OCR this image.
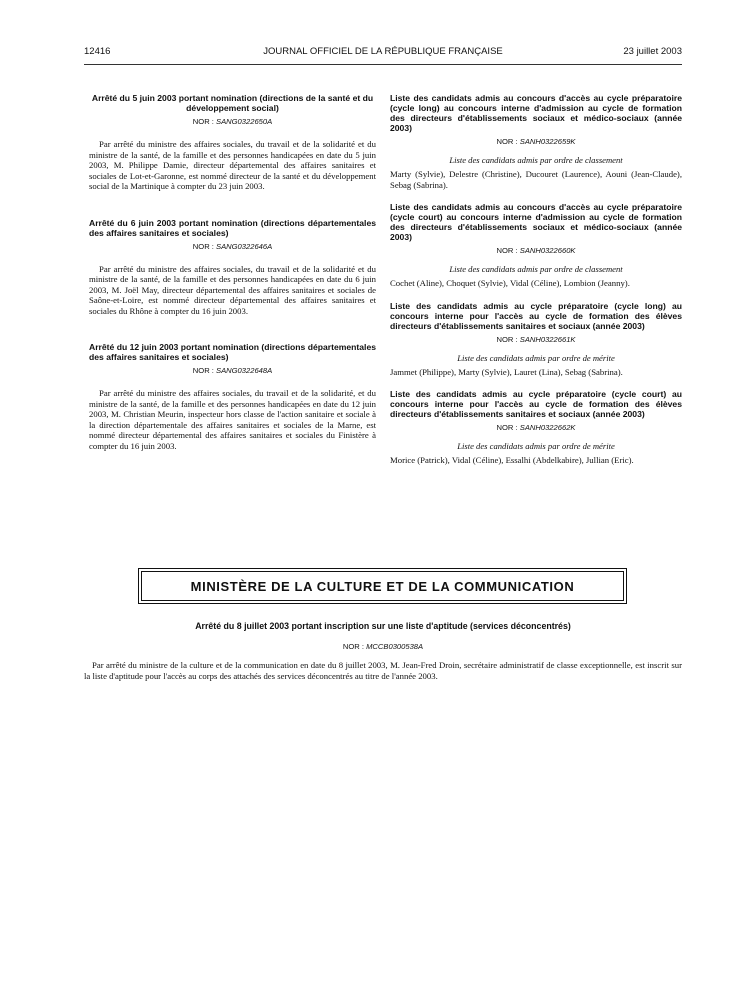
12416	JOURNAL OFFICIEL DE LA RÉPUBLIQUE FRANÇAISE	23 juillet 2003

Arrêté du 5 juin 2003 portant nomination (directions de la santé et du développement social)

NOR : SANG0322650A

Par arrêté du ministre des affaires sociales, du travail et de la solidarité et du ministre de la santé, de la famille et des personnes handicapées en date du 5 juin 2003, M. Philippe Damie, directeur départemental des affaires sanitaires et sociales de Lot-et-Garonne, est nommé directeur de la santé et du développement social de la Martinique à compter du 23 juin 2003.

Arrêté du 6 juin 2003 portant nomination (directions départementales des affaires sanitaires et sociales)

NOR : SANG0322646A

Par arrêté du ministre des affaires sociales, du travail et de la solidarité et du ministre de la santé, de la famille et des personnes handicapées en date du 6 juin 2003, M. Joël May, directeur départemental des affaires sanitaires et sociales de Saône-et-Loire, est nommé directeur départemental des affaires sanitaires et sociales du Rhône à compter du 16 juin 2003.

Arrêté du 12 juin 2003 portant nomination (directions départementales des affaires sanitaires et sociales)

NOR : SANG0322648A

Par arrêté du ministre des affaires sociales, du travail et de la solidarité, et du ministre de la santé, de la famille et des personnes handicapées en date du 12 juin 2003, M. Christian Meurin, inspecteur hors classe de l'action sanitaire et sociale à la direction départementale des affaires sanitaires et sociales de la Marne, est nommé directeur départemental des affaires sanitaires et sociales du Finistère à compter du 16 juin 2003.

Liste des candidats admis au concours d'accès au cycle préparatoire (cycle long) au concours interne d'admission au cycle de formation des directeurs d'établissements sociaux et médico-sociaux (année 2003)

NOR : SANH0322659K

Liste des candidats admis par ordre de classement

Marty (Sylvie), Delestre (Christine), Ducouret (Laurence), Aouni (Jean-Claude), Sebag (Sabrina).

Liste des candidats admis au concours d'accès au cycle préparatoire (cycle court) au concours interne d'admission au cycle de formation des directeurs d'établissements sociaux et médico-sociaux (année 2003)

NOR : SANH0322660K

Liste des candidats admis par ordre de classement

Cochet (Aline), Choquet (Sylvie), Vidal (Céline), Lombion (Jeanny).

Liste des candidats admis au cycle préparatoire (cycle long) au concours interne pour l'accès au cycle de formation des élèves directeurs d'établissements sanitaires et sociaux (année 2003)

NOR : SANH0322661K

Liste des candidats admis par ordre de mérite

Jammet (Philippe), Marty (Sylvie), Lauret (Lina), Sebag (Sabrina).

Liste des candidats admis au cycle préparatoire (cycle court) au concours interne pour l'accès au cycle de formation des élèves directeurs d'établissements sanitaires et sociaux (année 2003)

NOR : SANH0322662K

Liste des candidats admis par ordre de mérite

Morice (Patrick), Vidal (Céline), Essalhi (Abdelkabire), Jullian (Eric).

MINISTÈRE DE LA CULTURE ET DE LA COMMUNICATION

Arrêté du 8 juillet 2003 portant inscription sur une liste d'aptitude (services déconcentrés)

NOR : MCCB0300538A

Par arrêté du ministre de la culture et de la communication en date du 8 juillet 2003, M. Jean-Fred Droin, secrétaire administratif de classe exceptionnelle, est inscrit sur la liste d'aptitude pour l'accès au corps des attachés des services déconcentrés au titre de l'année 2003.
